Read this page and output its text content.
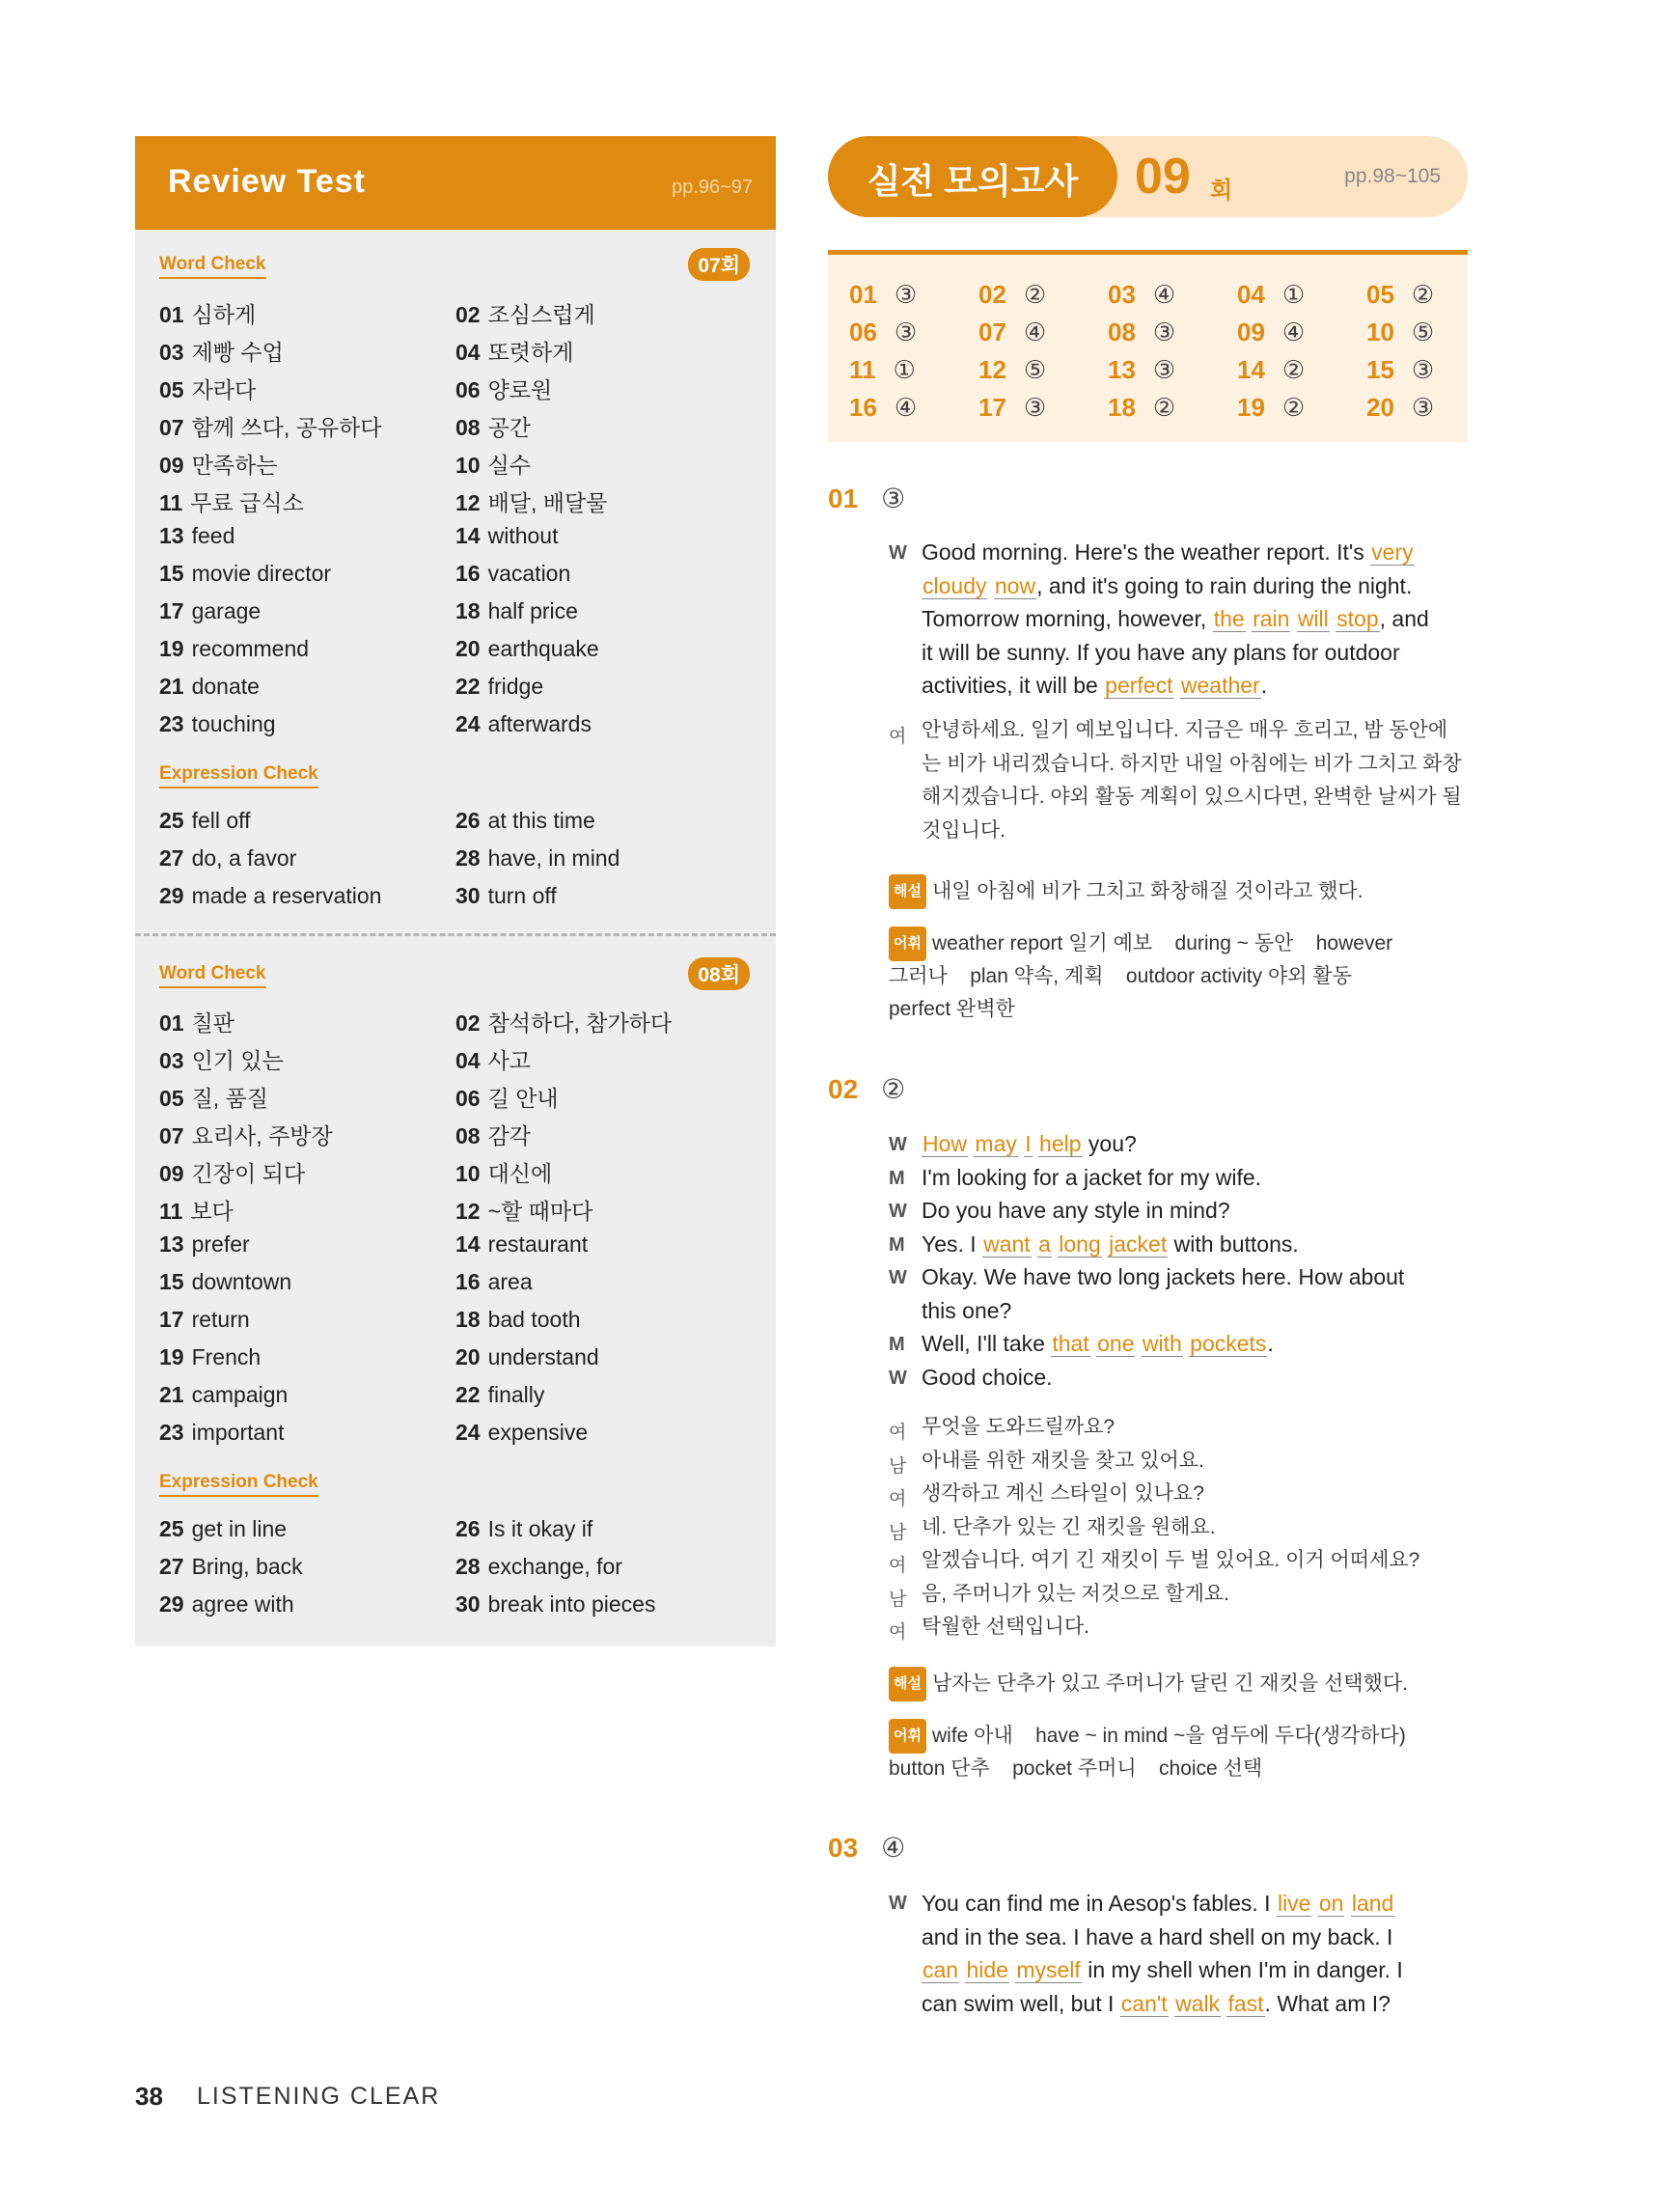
Review Test	pp.96~97
Word Check	07회
01 심하게	02 조심스럽게
03 제빵 수업	04 또렷하게
05 자라다	06 양로원
07 함께 쓰다, 공유하다	08 공간
09 만족하는	10 실수
11 무료 급식소	12 배달, 배달물
13 feed	14 without
15 movie director	16 vacation
17 garage	18 half price
19 recommend	20 earthquake
21 donate	22 fridge
23 touching	24 afterwards
Expression Check
25 fell off	26 at this time
27 do, a favor	28 have, in mind
29 made a reservation	30 turn off
Word Check	08회
01 칠판	02 참석하다, 참가하다
03 인기 있는	04 사고
05 질, 품질	06 길 안내
07 요리사, 주방장	08 감각
09 긴장이 되다	10 대신에
11 보다	12 ~할 때마다
13 prefer	14 restaurant
15 downtown	16 area
17 return	18 bad tooth
19 French	20 understand
21 campaign	22 finally
23 important	24 expensive
Expression Check
25 get in line	26 Is it okay if
27 Bring, back	28 exchange, for
29 agree with	30 break into pieces
실전 모의고사	09 회
pp.98~105
01 ③ 02 ② 03 ④ 04 ① 05 ②
06 ③ 07 ④ 08 ③ 09 ④ 10 ⑤
11 ①	12 ⑤ 13 ③ 14 ② 15 ③
16 ④ 17 ③ 18 ② 19 ② 20 ③
01 ③
W Good morning. Here's the weather report. It's very
cloudy now, and it's going to rain during the night.
Tomorrow morning, however, the rain will stop, and
it will be sunny. If you have any plans for outdoor
activities, it will be perfect weather.
여 안녕하세요. 일기 예보입니다. 지금은 매우 흐리고, 밤 동안에
는 비가 내리겠습니다. 하지만 내일 아침에는 비가 그치고 화창
해지겠습니다. 야외 활동 계획이 있으시다면, 완벽한 날씨가 될
것입니다.
해설 내일 아침에 비가 그치고 화창해질 것이라고 했다.
어휘 weather report 일기 예보    during ~ 동안    however
그러나    plan 약속, 계획    outdoor activity 야외 활동
perfect 완벽한
02 ②
W How may I help you?
M I'm looking for a jacket for my wife.
W Do you have any style in mind?
M Yes. I want a long jacket with buttons.
W Okay. We have two long jackets here. How about
this one?
M Well, I'll take that one with pockets.
W Good choice.
여 무엇을 도와드릴까요?
남 아내를 위한 재킷을 찾고 있어요.
여 생각하고 계신 스타일이 있나요?
남 네. 단추가 있는 긴 재킷을 원해요.
여 알겠습니다. 여기 긴 재킷이 두 벌 있어요. 이거 어떠세요?
남 음, 주머니가 있는 저것으로 할게요.
여 탁월한 선택입니다.
해설 남자는 단추가 있고 주머니가 달린 긴 재킷을 선택했다.
어휘 wife 아내    have ~ in mind ~을 염두에 두다(생각하다)
button 단추    pocket 주머니    choice 선택
03 ④
W You can find me in Aesop's fables. I live on land
and in the sea. I have a hard shell on my back. I
can hide myself in my shell when I'm in danger. I
can swim well, but I can't walk fast. What am I?
38 LISTENING CLEAR
